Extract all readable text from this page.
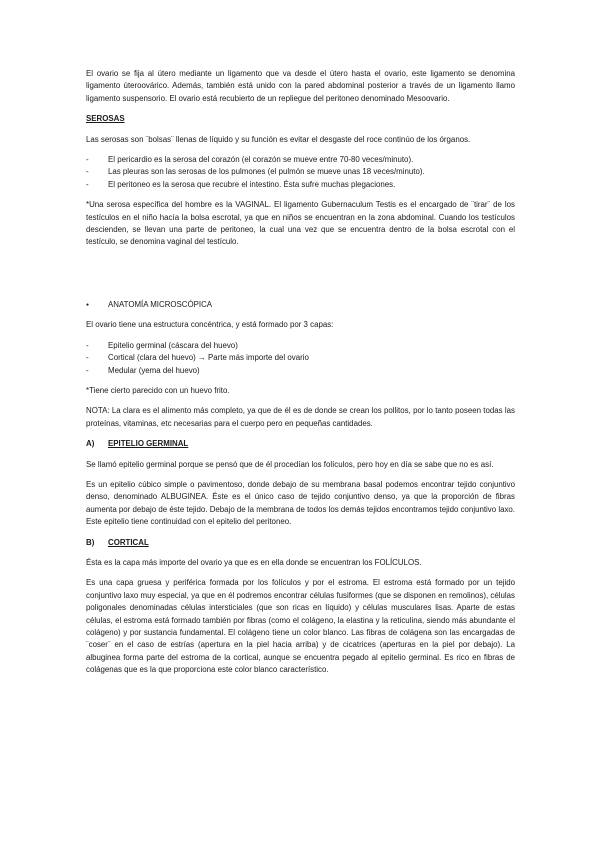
El ovario se fija al útero mediante un ligamento que va desde el útero hasta el ovario, este ligamento se denomina ligamento úteroovárico. Además, también está unido con la pared abdominal posterior a través de un ligamento llamo ligamento suspensorio. El ovario está recubierto de un repliegue del peritoneo denominado Mesoovario.

SEROSAS

Las serosas son ¨bolsas¨ llenas de líquido y su función es evitar el desgaste del roce continúo de los órganos.

- El pericardio es la serosa del corazón (el corazón se mueve entre 70-80 veces/minuto).
- Las pleuras son las serosas de los pulmones (el pulmón se mueve unas 18 veces/minuto).
- El peritoneo es la serosa que recubre el intestino. Ésta sufre muchas plegaciones.

*Una serosa específica del hombre es la VAGINAL. El ligamento Gubernaculum Testis es el encargado de ¨tirar¨ de los testículos en el niño hacía la bolsa escrotal, ya que en niños se encuentran en la zona abdominal. Cuando los testículos descienden, se llevan una parte de peritoneo, la cual una vez que se encuentra dentro de la bolsa escrotal con el testículo, se denomina vaginal del testículo.

● ANATOMÍA MICROSCÓPICA

El ovario tiene una estructura concéntrica, y está formado por 3 capas:

- Epitelio germinal (cáscara del huevo)
- Cortical (clara del huevo) → Parte más importe del ovario
- Medular (yema del huevo)

*Tiene cierto parecido con un huevo frito.

NOTA: La clara es el alimento más completo, ya que de él es de donde se crean los pollitos, por lo tanto poseen todas las proteínas, vitaminas, etc necesarias para el cuerpo pero en pequeñas cantidades.

A) EPITELIO GERMINAL

Se llamó epitelio germinal porque se pensó que de él procedían los folículos, pero hoy en día se sabe que no es así.

Es un epitelio cúbico simple o pavimentoso, donde debajo de su membrana basal podemos encontrar tejido conjuntivo denso, denominado ALBUGINEA. Éste es el único caso de tejido conjuntivo denso, ya que la proporción de fibras aumenta por debajo de éste tejido. Debajo de la membrana de todos los demás tejidos encontramos tejido conjuntivo laxo. Este epitelio tiene continuidad con el epitelio del peritoneo.

B) CORTICAL

Ésta es la capa más importe del ovario ya que es en ella donde se encuentran los FOLÍCULOS.

Es una capa gruesa y periférica formada por los folículos y por el estroma. El estroma está formado por un tejido conjuntivo laxo muy especial, ya que en él podremos encontrar células fusiformes (que se disponen en remolinos), células poligonales denominadas células intersticiales (que son ricas en líquido) y células musculares lisas. Aparte de estas células, el estroma está formado también por fibras (como el colágeno, la elastina y la reticulina, siendo más abundante el colágeno) y por sustancia fundamental. El colágeno tiene un color blanco. Las fibras de colágena son las encargadas de ¨coser¨ en el caso de estrías (apertura en la piel hacia arriba) y de cicatrices (aperturas en la piel por debajo). La albuginea forma parte del estroma de la cortical, aunque se encuentra pegado al epitelio germinal. Es rico en fibras de colágenas que es la que proporciona este color blanco característico.
